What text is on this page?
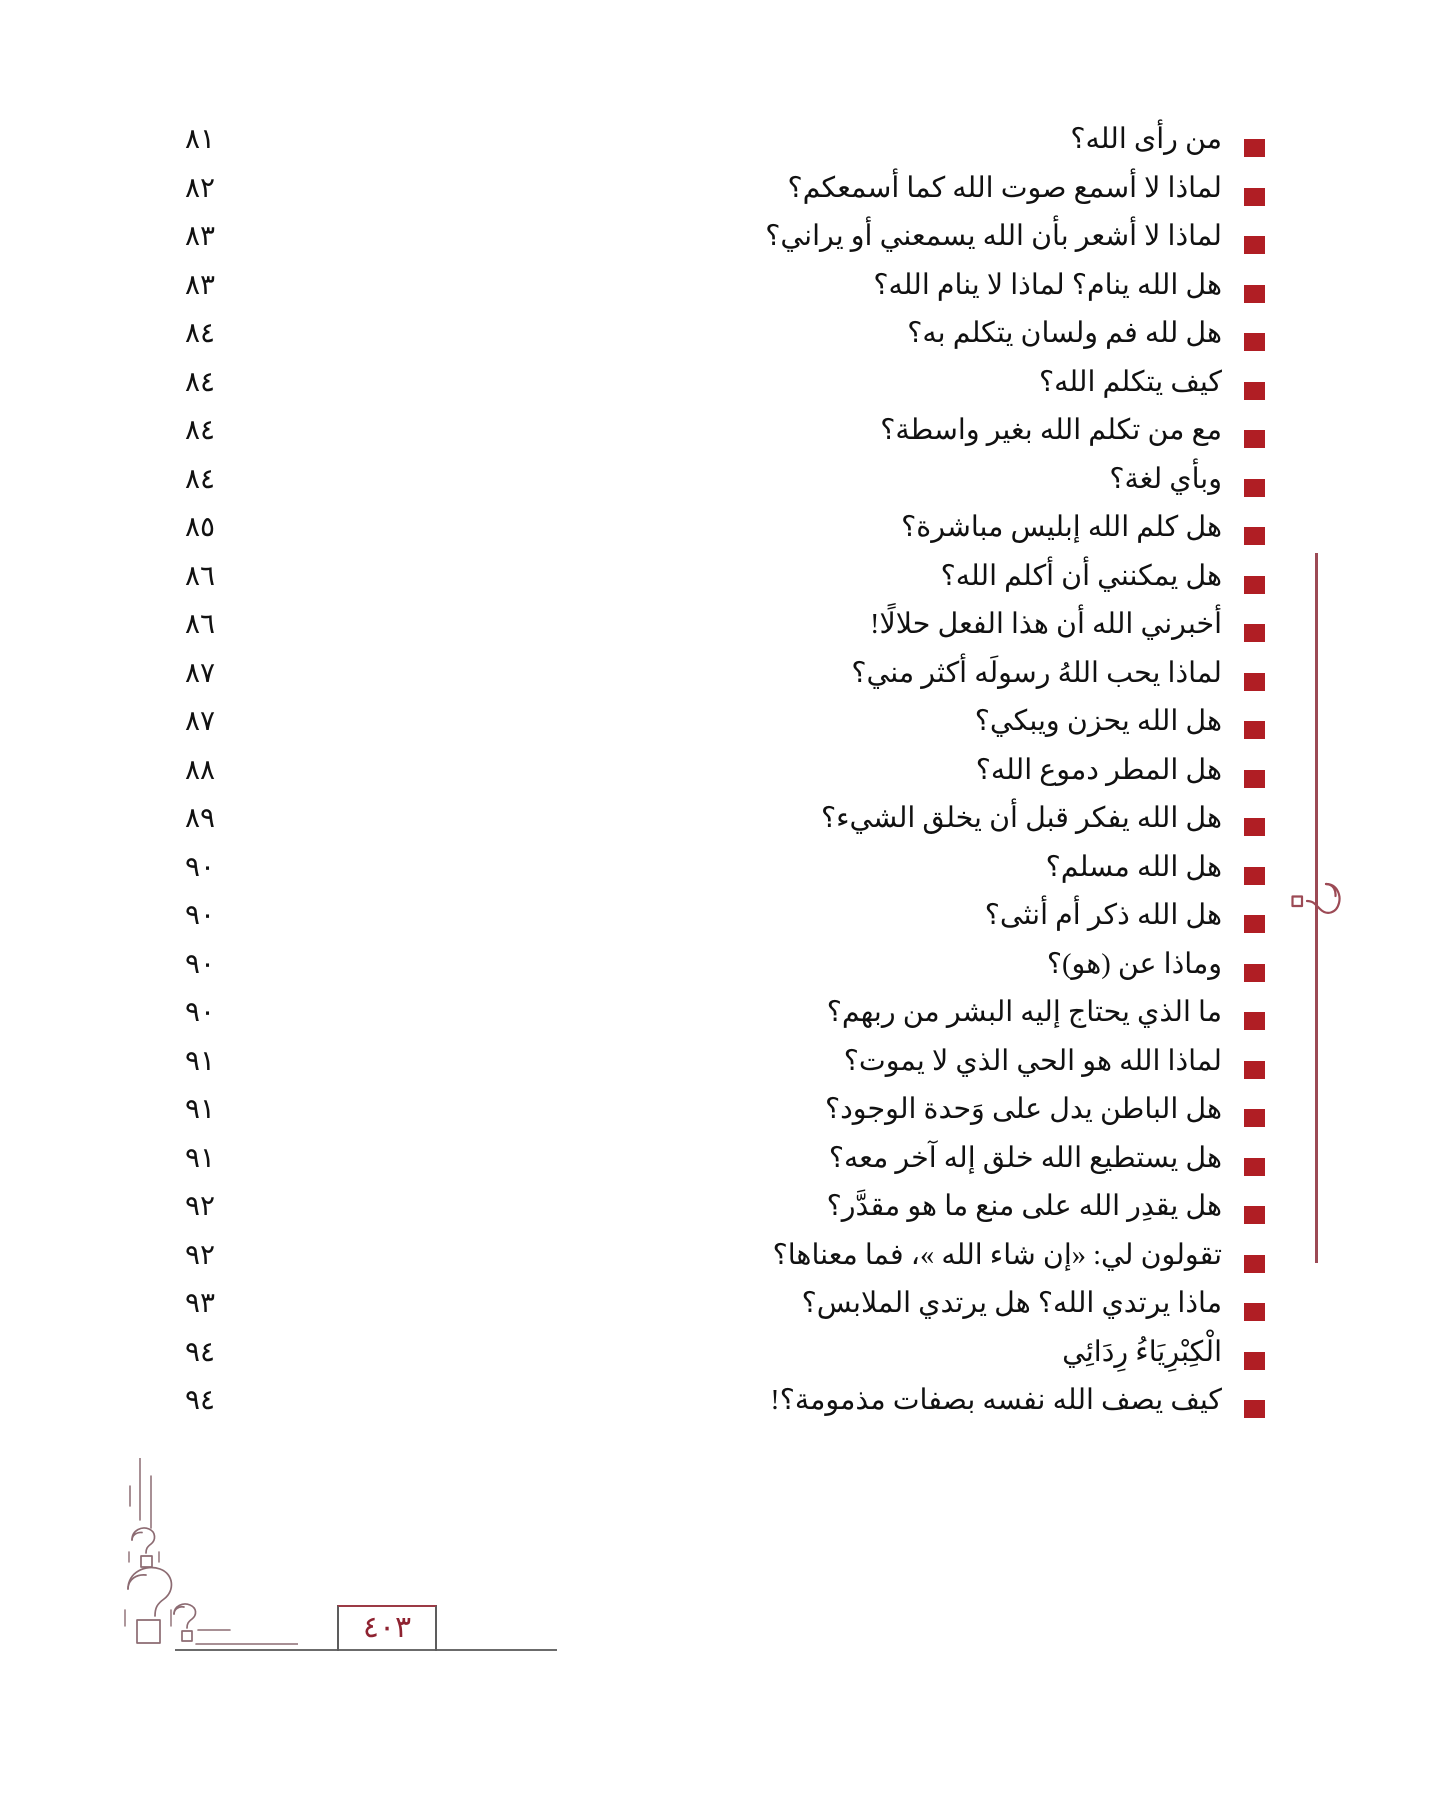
من رأى الله؟
٨١
لماذا لا أسمع صوت الله كما أسمعكم؟
٨٢
لماذا لا أشعر بأن الله يسمعني أو يراني؟
٨٣
هل الله ينام؟ لماذا لا ينام الله؟
٨٣
هل لله فم ولسان يتكلم به؟
٨٤
كيف يتكلم الله؟
٨٤
مع من تكلم الله بغير واسطة؟
٨٤
وبأي لغة؟
٨٤
هل كلم الله إبليس مباشرة؟
٨٥
هل يمكنني أن أكلم الله؟
٨٦
أخبرني الله أن هذا الفعل حلالًا!
٨٦
لماذا يحب اللهُ رسولَه أكثر مني؟
٨٧
هل الله يحزن ويبكي؟
٨٧
هل المطر دموع الله؟
٨٨
هل الله يفكر قبل أن يخلق الشيء؟
٨٩
هل الله مسلم؟
٩٠
هل الله ذكر أم أنثى؟
٩٠
وماذا عن (هو)؟
٩٠
ما الذي يحتاج إليه البشر من ربهم؟
٩٠
لماذا الله هو الحي الذي لا يموت؟
٩١
هل الباطن يدل على وَحدة الوجود؟
٩١
هل يستطيع الله خلق إله آخر معه؟
٩١
هل يقدِر الله على منع ما هو مقدَّر؟
٩٢
تقولون لي: «إن شاء الله »، فما معناها؟
٩٢
ماذا يرتدي الله؟ هل يرتدي الملابس؟
٩٣
الْكِبْرِيَاءُ رِدَائِي
٩٤
كيف يصف الله نفسه بصفات مذمومة؟!
٩٤
٤٠٣
